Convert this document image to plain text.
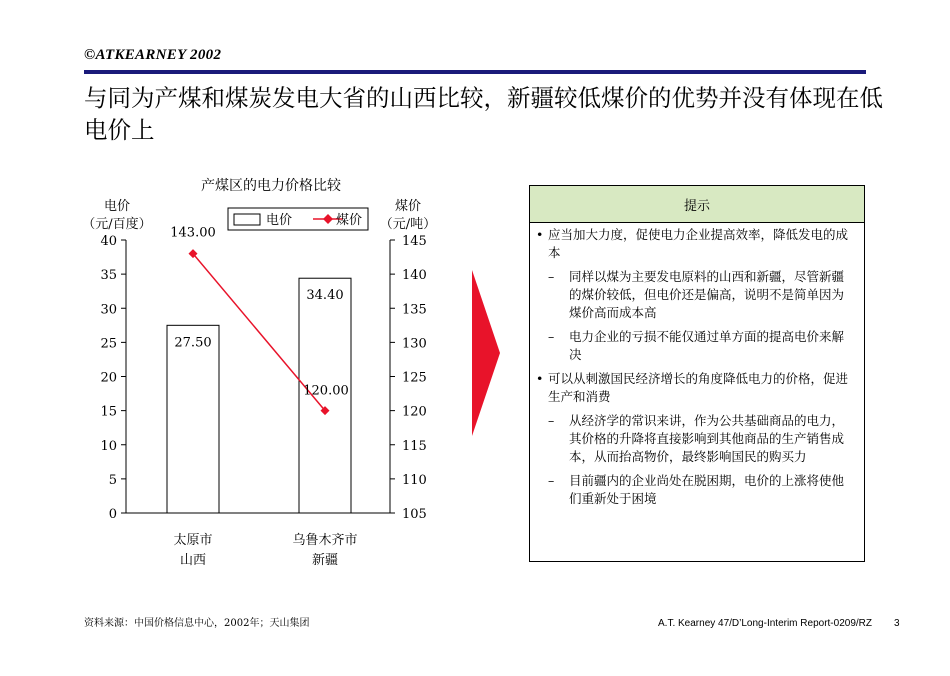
©ATKEARNEY 2002
与同为产煤和煤炭发电大省的山西比较，新疆较低煤价的优势并没有体现在低电价上
产煤区的电力价格比较
电价
（元/百度）
煤价
（元/吨）
电价	煤价
0
5
10
15
20
25
30
35
40
105
110
115
120
125
130
135
140
145
27.50
34.40
143.00
120.00
太原市
山西
乌鲁木齐市
新疆
提示
• 应当加大力度，促使电力企业提高效率，降低发电的成本
– 同样以煤为主要发电原料的山西和新疆，尽管新疆的煤价较低，但电价还是偏高，说明不是简单因为煤价高而成本高
– 电力企业的亏损不能仅通过单方面的提高电价来解决
• 可以从刺激国民经济增长的角度降低电力的价格，促进生产和消费
– 从经济学的常识来讲，作为公共基础商品的电力，其价格的升降将直接影响到其他商品的生产销售成本，从而抬高物价，最终影响国民的购买力
– 目前疆内的企业尚处在脱困期，电价的上涨将使他们重新处于困境
资料来源：中国价格信息中心，2002年；天山集团	A.T. Kearney 47/D’Long-Interim Report-0209/RZ 3
